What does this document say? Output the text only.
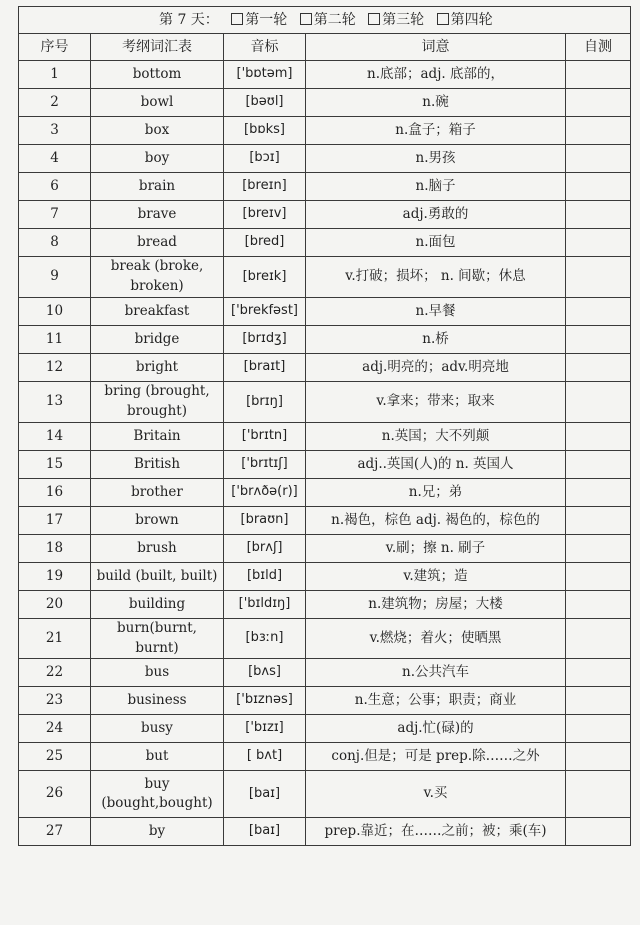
第 7 天： 第一轮 第二轮 第三轮 第四轮				
序号	考纲词汇表	音标	词意	自测
1	bottom	['bɒtəm]	n.底部；adj. 底部的，	
2	bowl	[bəʊl]	n.碗	
3	box	[bɒks]	n.盒子；箱子	
4	boy	[bɔɪ]	n.男孩	
6	brain	[breɪn]	n.脑子	
7	brave	[breɪv]	adj.勇敢的	
8	bread	[bred]	n.面包	
9	break (broke, broken)	[breɪk]	v.打破；损坏； n. 间歇；休息	
10	breakfast	['brekfəst]	n.早餐	
11	bridge	[brɪdʒ]	n.桥	
12	bright	[braɪt]	adj.明亮的；adv.明亮地	
13	bring (brought, brought)	[brɪŋ]	v.拿来；带来；取来	
14	Britain	['brɪtn]	n.英国；大不列颠	
15	British	['brɪtɪʃ]	adj..英国(人)的 n. 英国人	
16	brother	['brʌðə(r)]	n.兄；弟	
17	brown	[braʊn]	n.褐色，棕色 adj. 褐色的，棕色的	
18	brush	[brʌʃ]	v.刷；擦 n. 刷子	
19	build (built, built)	[bɪld]	v.建筑；造	
20	building	['bɪldɪŋ]	n.建筑物；房屋；大楼	
21	burn(burnt, burnt)	[bɜːn]	v.燃烧；着火；使晒黑	
22	bus	[bʌs]	n.公共汽车	
23	business	['bɪznəs]	n.生意；公事；职责；商业	
24	busy	['bɪzɪ]	adj.忙(碌)的	
25	but	[ bʌt]	conj.但是；可是 prep.除……之外	
26	buy (bought,bought)	[baɪ]	v.买	
27	by	[baɪ]	prep.靠近；在……之前；被；乘(车)	
